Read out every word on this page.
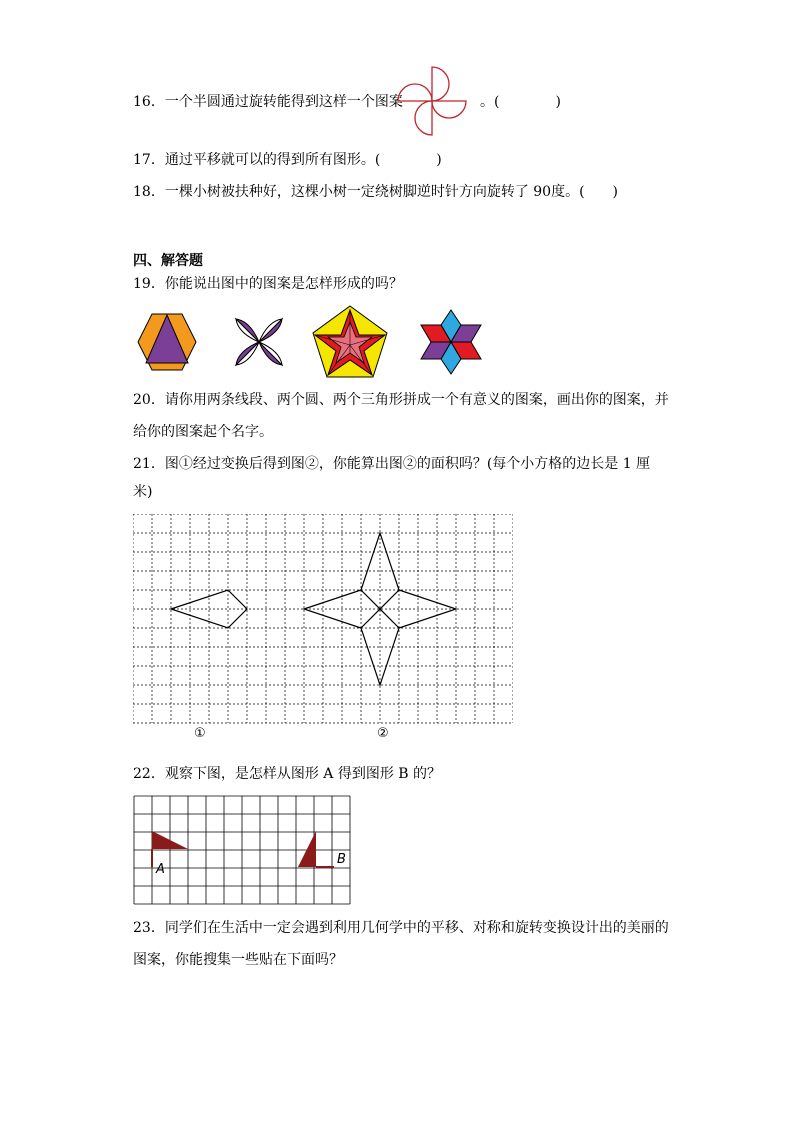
16．一个半圆通过旋转能得到这样一个图案	。(　　　　)
17．通过平移就可以的得到所有图形。(　　　　)
18．一棵小树被扶种好，这棵小树一定绕树脚逆时针方向旋转了 90度。(　　)
四、解答题
19．你能说出图中的图案是怎样形成的吗？
20．请你用两条线段、两个圆、两个三角形拼成一个有意义的图案，画出你的图案，并
给你的图案起个名字。
21．图①经过变换后得到图②，你能算出图②的面积吗？(每个小方格的边长是 1 厘
米)
①	②
22．观察下图，是怎样从图形 A 得到图形 B 的？
A
B
23．同学们在生活中一定会遇到利用几何学中的平移、对称和旋转变换设计出的美丽的
图案，你能搜集一些贴在下面吗？
